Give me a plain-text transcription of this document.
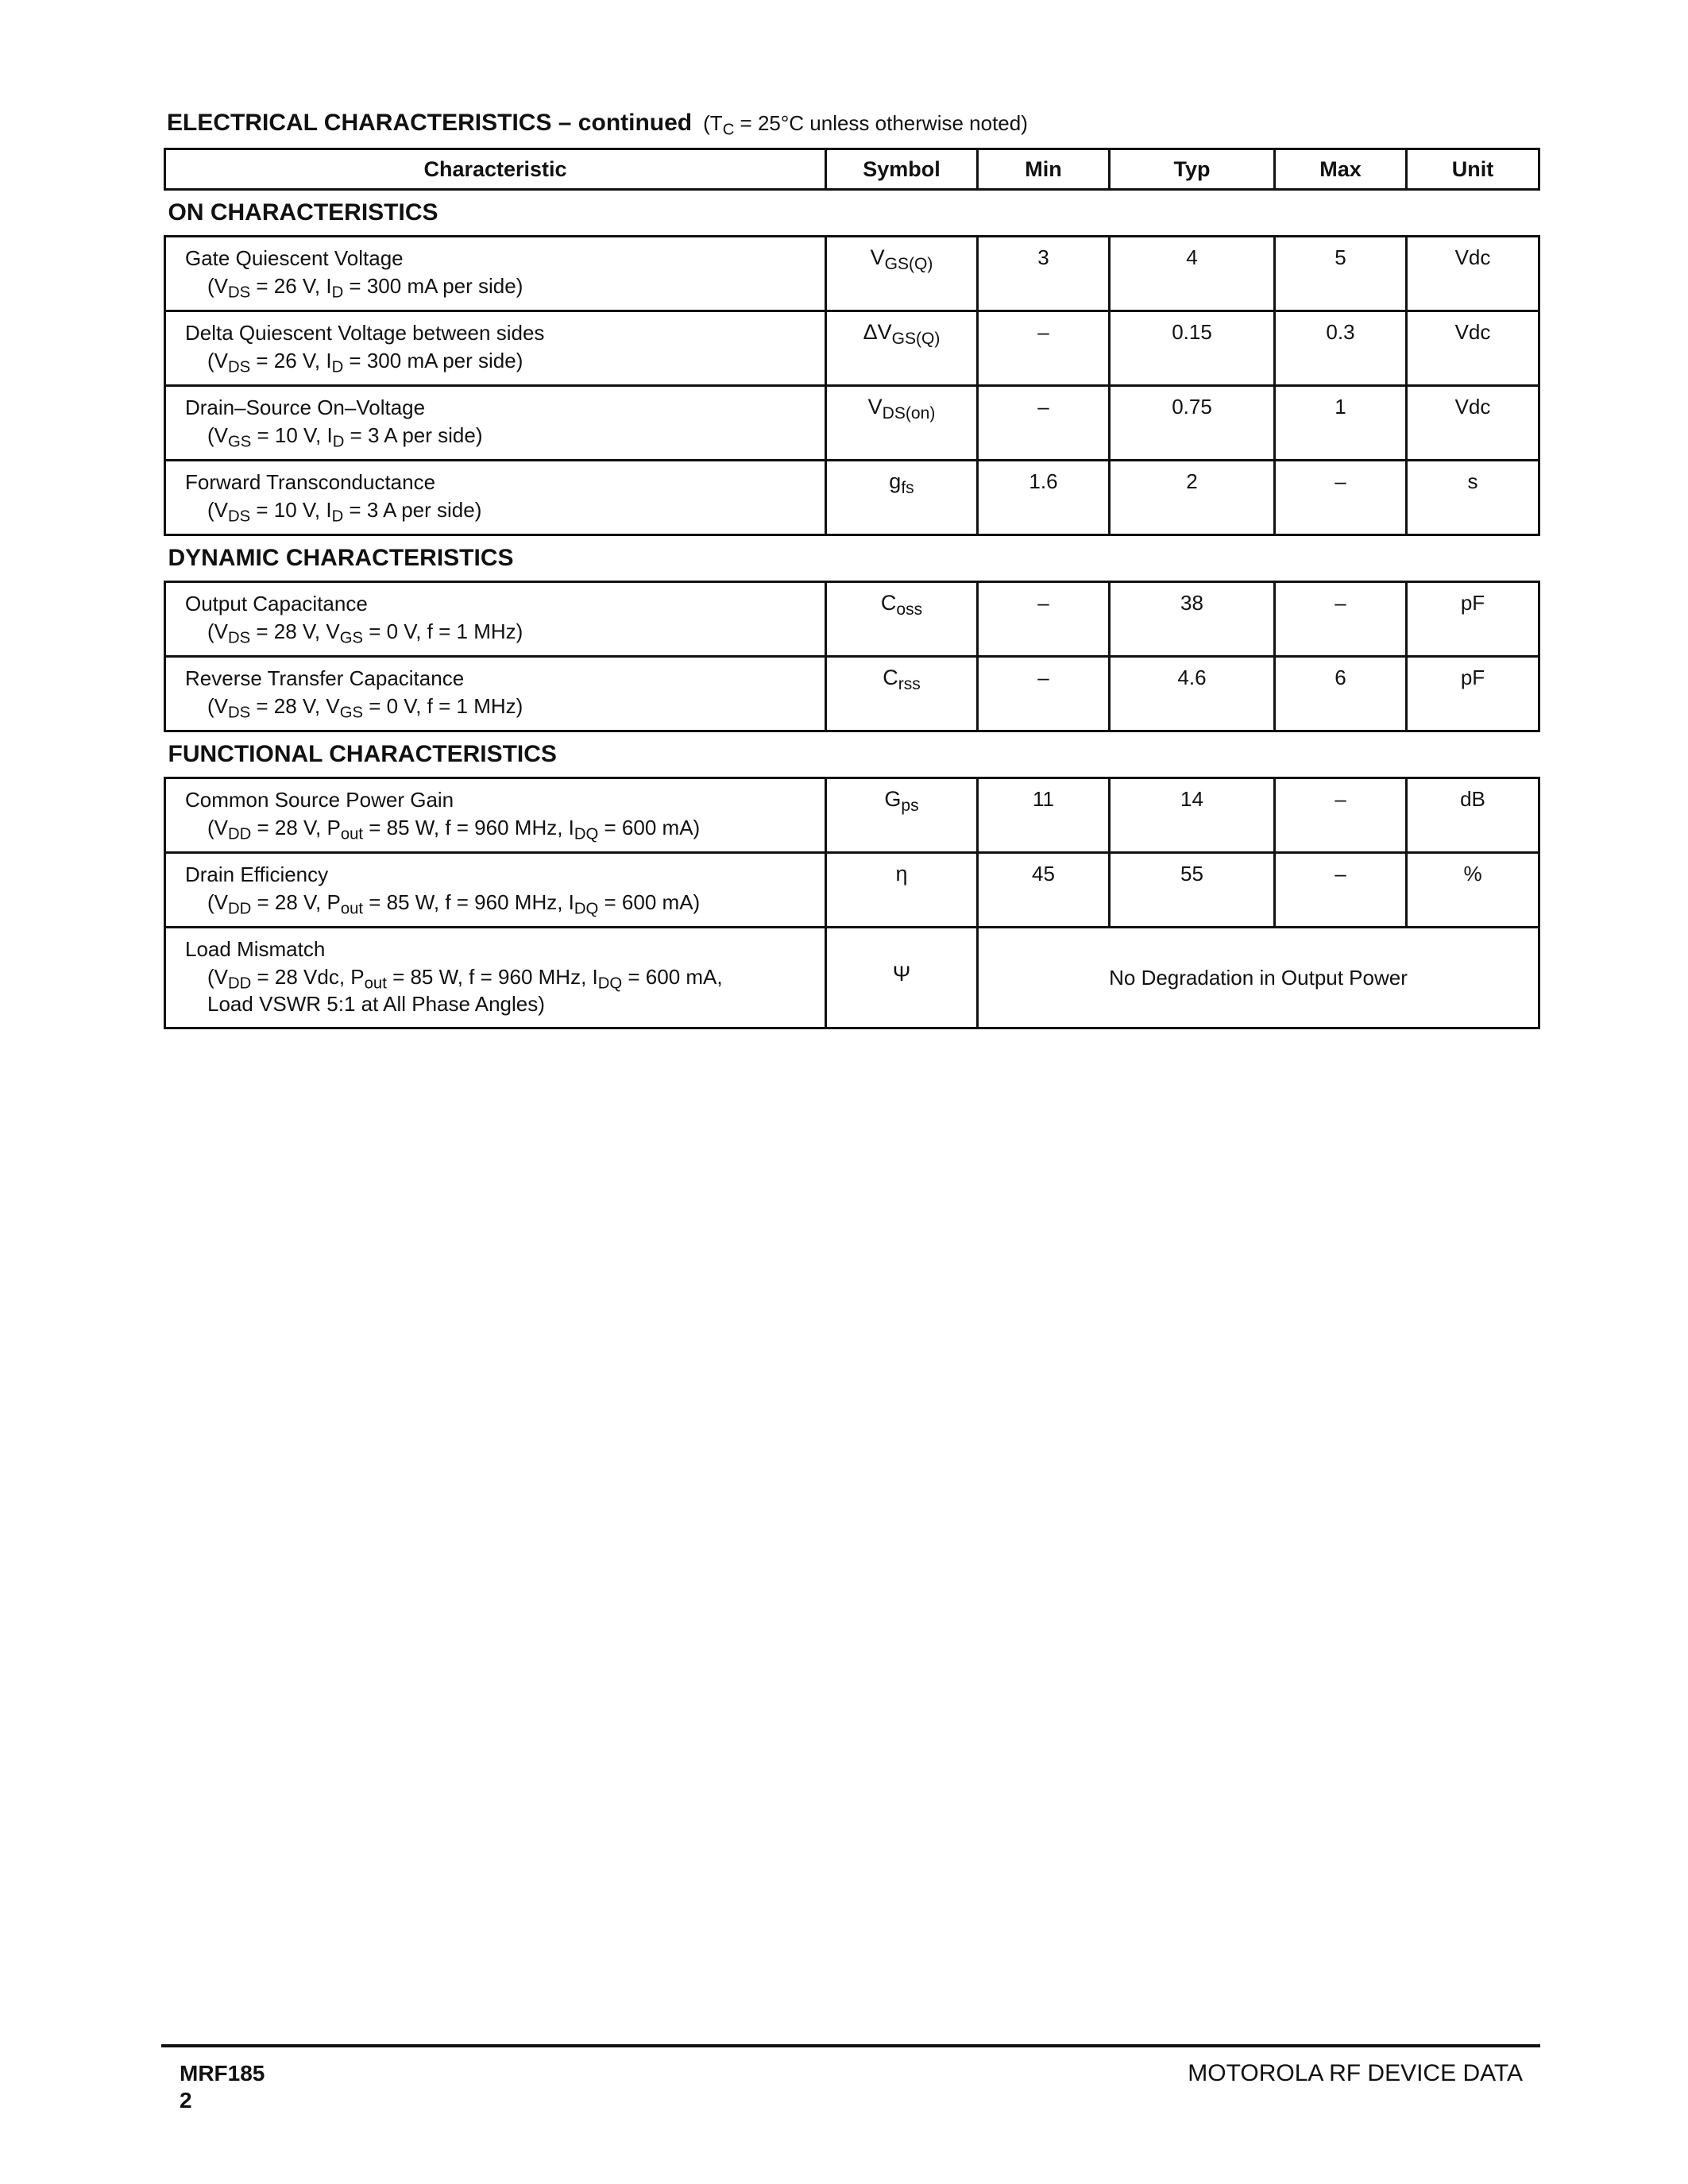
ELECTRICAL CHARACTERISTICS – continued ($T_C = 25^\circ C$ unless otherwise noted)
Characteristic	Symbol	Min	Typ	Max	Unit
ON CHARACTERISTICS					

Gate Quiescent Voltage
($V_{DS} = 26$ V, $I_D = 300$ mA per side)	$V_{GS(Q)}$	3	4	5	Vdc

Delta Quiescent Voltage between sides
($V_{DS} = 26$ V, $I_D = 300$ mA per side)	$\Delta V_{GS(Q)}$	–	0.15	0.3	Vdc

Drain–Source On–Voltage
($V_{GS} = 10$ V, $I_D = 3$ A per side)	$V_{DS(on)}$	–	0.75	1	Vdc

Forward Transconductance
($V_{DS} = 10$ V, $I_D = 3$ A per side)	$g_{fs}$	1.6	2	–	s

DYNAMIC CHARACTERISTICS					

Output Capacitance
($V_{DS} = 28$ V, $V_{GS} = 0$ V, f = 1 MHz)	$C_{oss}$	–	38	–	pF

Reverse Transfer Capacitance
($V_{DS} = 28$ V, $V_{GS} = 0$ V, f = 1 MHz)	$C_{rss}$	–	4.6	6	pF

FUNCTIONAL CHARACTERISTICS					

Common Source Power Gain
($V_{DD} = 28$ V, $P_{out} = 85$ W, f = 960 MHz, $I_{DQ} = 600$ mA)	$G_{ps}$	11	14	–	dB

Drain Efficiency
($V_{DD} = 28$ V, $P_{out} = 85$ W, f = 960 MHz, $I_{DQ} = 600$ mA)	η	45	55	–	%

Load Mismatch
($V_{DD} = 28$ Vdc, $P_{out} = 85$ W, f = 960 MHz, $I_{DQ} = 600$ mA,
Load VSWR 5:1 at All Phase Angles)	Ψ	No Degradation in Output Power			
MRF185
2
MOTOROLA RF DEVICE DATA
